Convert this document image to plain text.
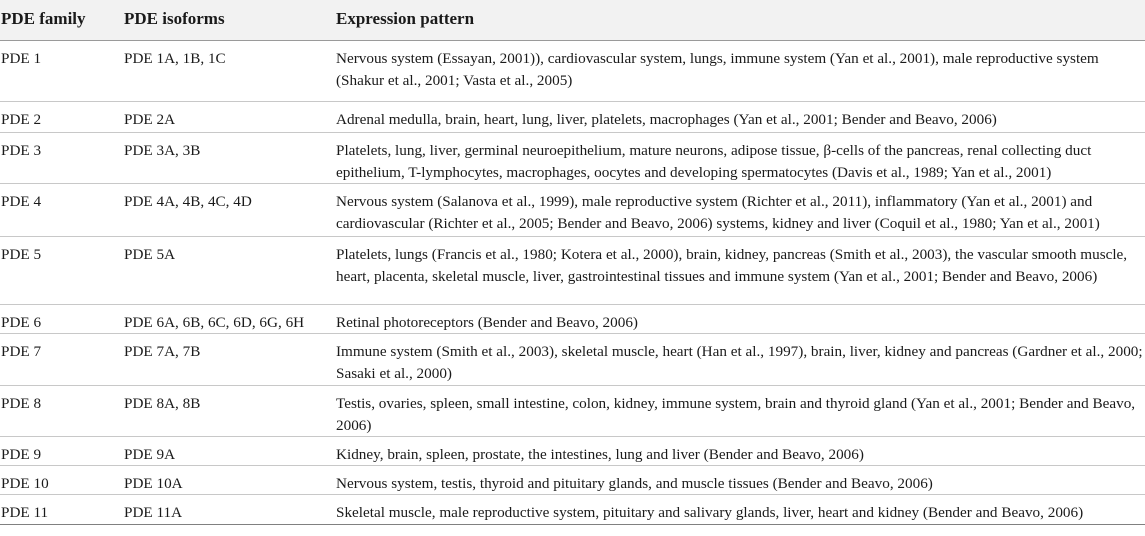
PDE family PDE isoforms	Expression pattern
PDE 1	PDE 1A, 1B, 1C	Nervous system (Essayan, 2001)), cardiovascular system, lungs, immune system (Yan et al., 2001), male reproductive system (Shakur et al., 2001; Vasta et al., 2005)
PDE 2	PDE 2A	Adrenal medulla, brain, heart, lung, liver, platelets, macrophages (Yan et al., 2001; Bender and Beavo, 2006)
PDE 3	PDE 3A, 3B	Platelets, lung, liver, germinal neuroepithelium, mature neurons, adipose tissue, β-cells of the pancreas, renal collecting duct epithelium, T-lymphocytes, macrophages, oocytes and developing spermatocytes (Davis et al., 1989; Yan et al., 2001)
PDE 4	PDE 4A, 4B, 4C, 4D	Nervous system (Salanova et al., 1999), male reproductive system (Richter et al., 2011), inflammatory (Yan et al., 2001) and cardiovascular (Richter et al., 2005; Bender and Beavo, 2006) systems, kidney and liver (Coquil et al., 1980; Yan et al., 2001)
PDE 5	PDE 5A	Platelets, lungs (Francis et al., 1980; Kotera et al., 2000), brain, kidney, pancreas (Smith et al., 2003), the vascular smooth muscle, heart, placenta, skeletal muscle, liver, gastrointestinal tissues and immune system (Yan et al., 2001; Bender and Beavo, 2006)
PDE 6	PDE 6A, 6B, 6C, 6D, 6G, 6H	Retinal photoreceptors (Bender and Beavo, 2006)
PDE 7	PDE 7A, 7B	Immune system (Smith et al., 2003), skeletal muscle, heart (Han et al., 1997), brain, liver, kidney and pancreas (Gardner et al., 2000; Sasaki et al., 2000)
PDE 8	PDE 8A, 8B	Testis, ovaries, spleen, small intestine, colon, kidney, immune system, brain and thyroid gland (Yan et al., 2001; Bender and Beavo, 2006)
PDE 9	PDE 9A	Kidney, brain, spleen, prostate, the intestines, lung and liver (Bender and Beavo, 2006)
PDE 10	PDE 10A	Nervous system, testis, thyroid and pituitary glands, and muscle tissues (Bender and Beavo, 2006)
PDE 11	PDE 11A	Skeletal muscle, male reproductive system, pituitary and salivary glands, liver, heart and kidney (Bender and Beavo, 2006)
